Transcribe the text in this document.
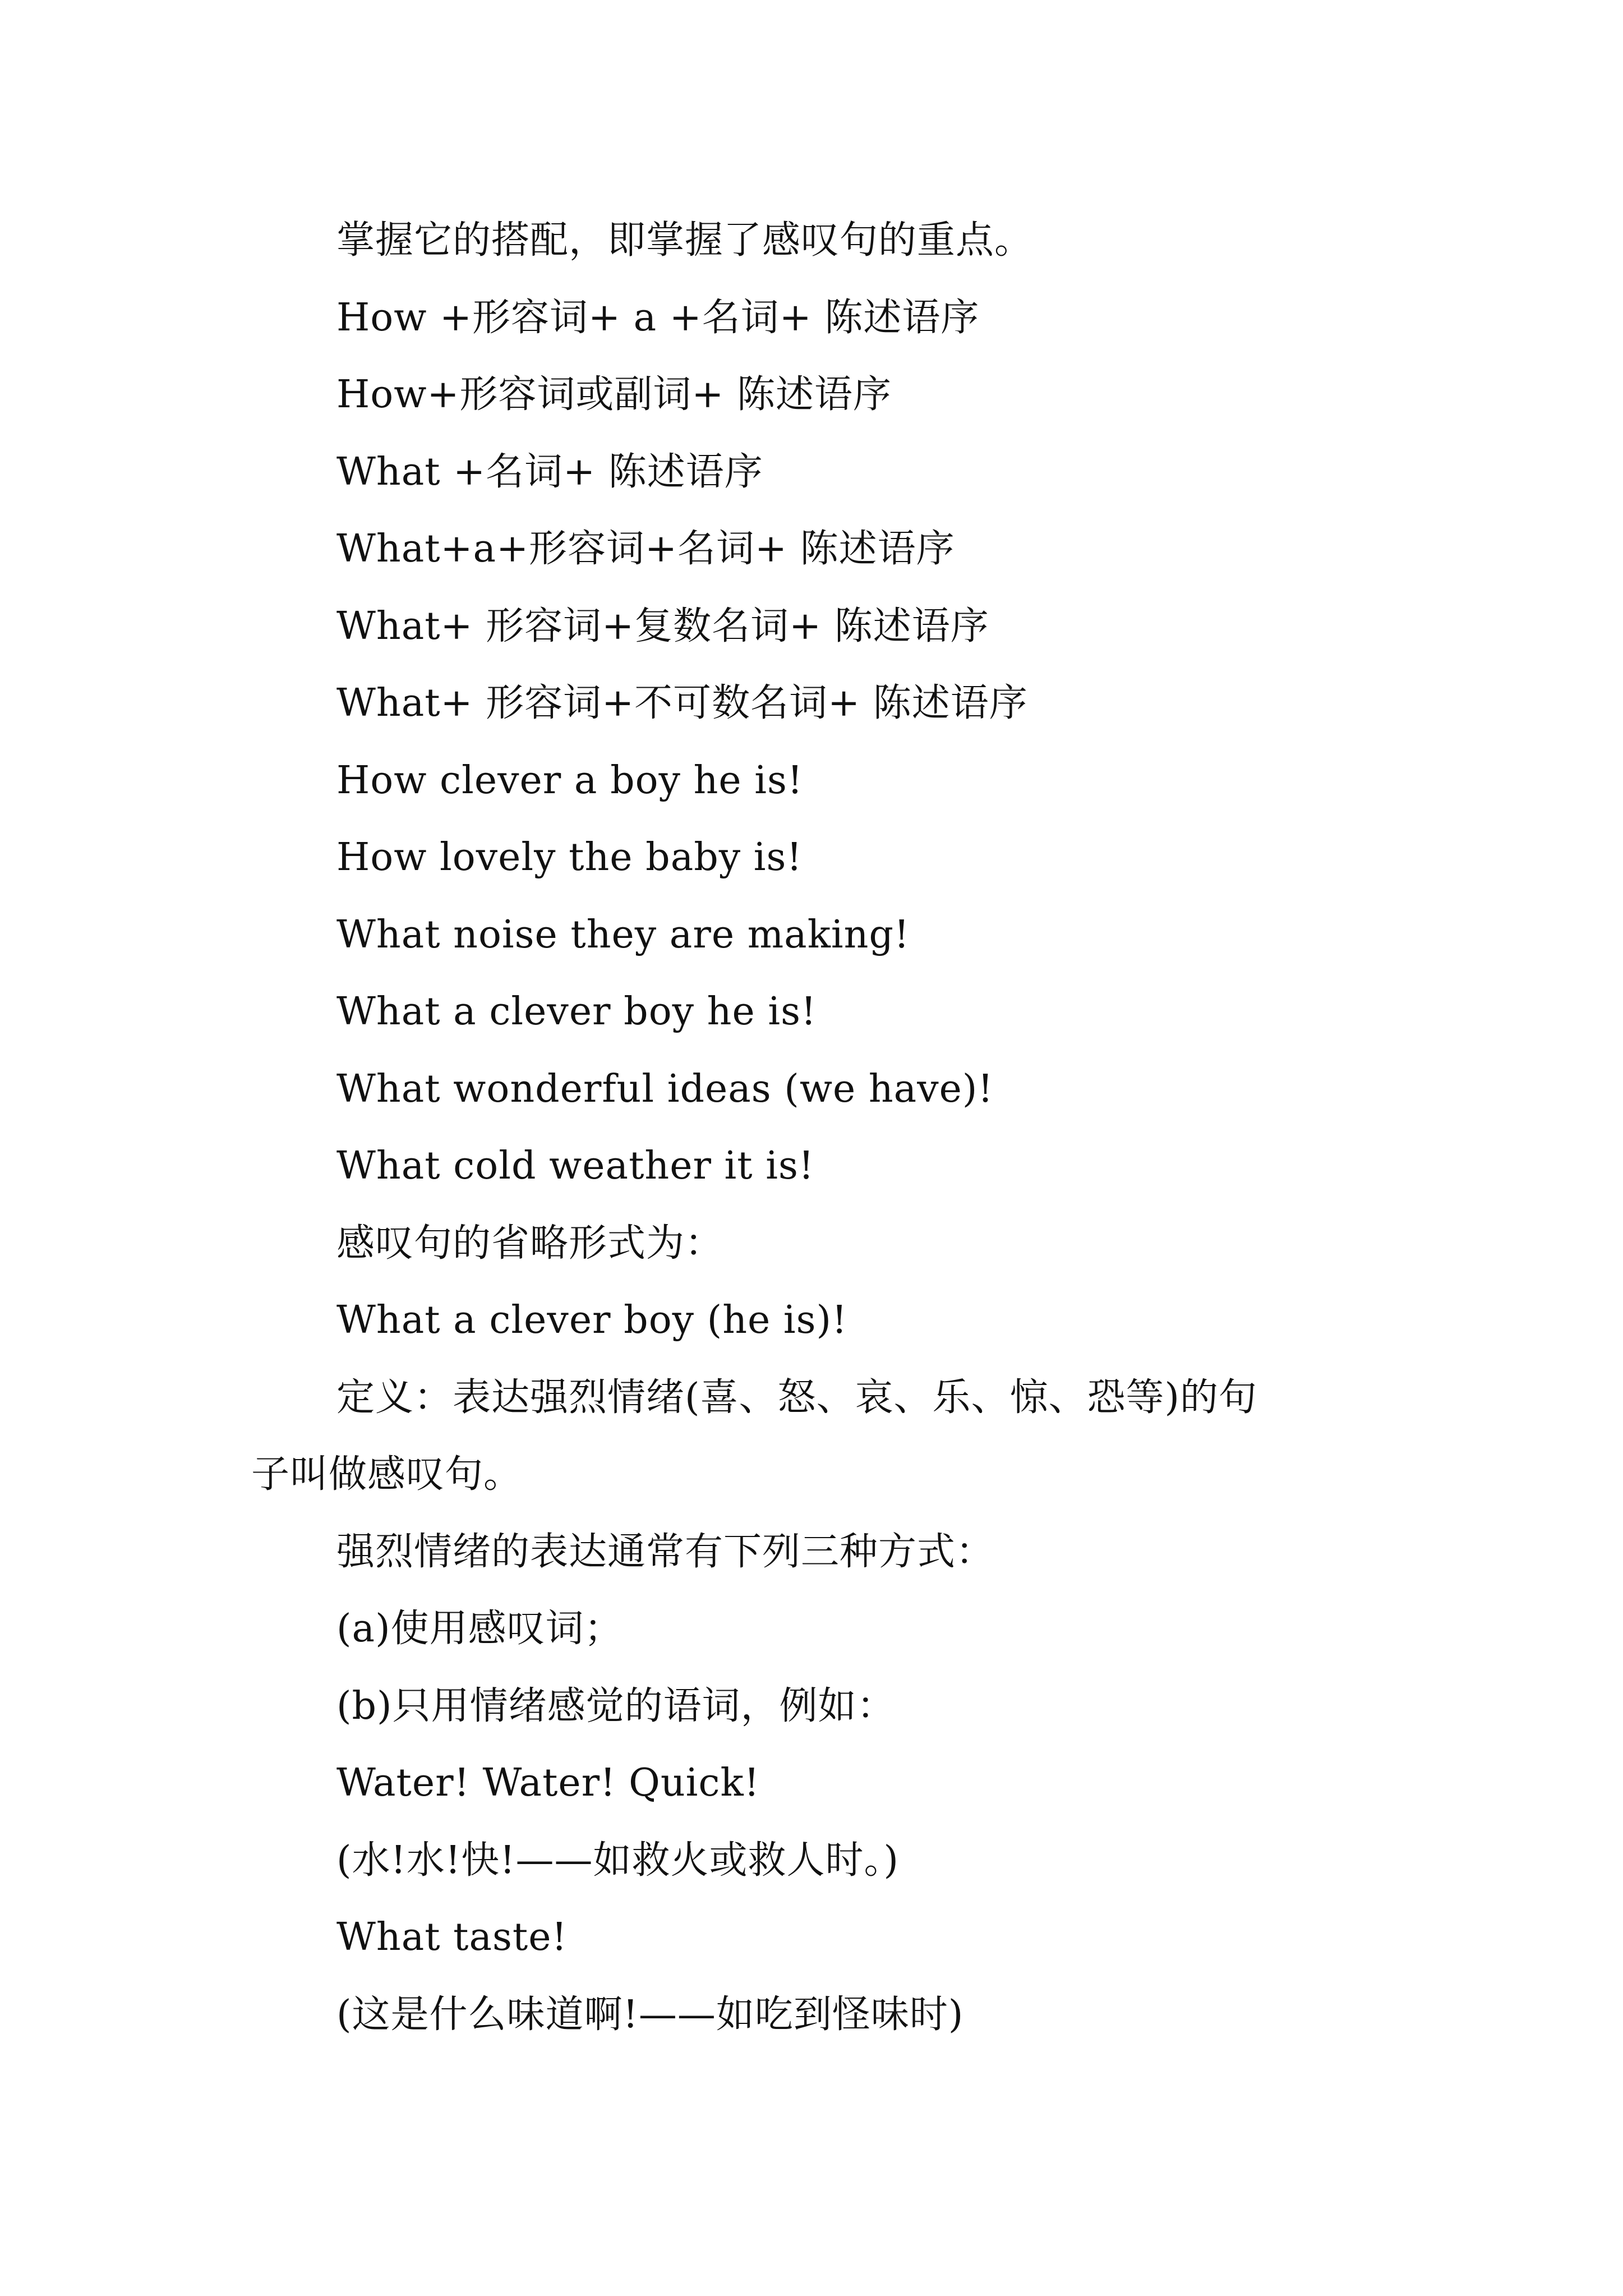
掌握它的搭配，即掌握了感叹句的重点。
How +形容词+ a +名词+ 陈述语序
How+形容词或副词+ 陈述语序
What +名词+ 陈述语序
What+a+形容词+名词+ 陈述语序
What+ 形容词+复数名词+ 陈述语序
What+ 形容词+不可数名词+ 陈述语序
How clever a boy he is!
How lovely the baby is!
What noise they are making!
What a clever boy he is!
What wonderful ideas (we have)!
What cold weather it is!
感叹句的省略形式为：
What a clever boy (he is)!
定义：表达强烈情绪(喜、怒、哀、乐、惊、恐等)的句
子叫做感叹句。
强烈情绪的表达通常有下列三种方式：
(a)使用感叹词；
(b)只用情绪感觉的语词，例如：
Water! Water! Quick!
(水!水!快!——如救火或救人时。)
What taste!
(这是什么味道啊!——如吃到怪味时)
